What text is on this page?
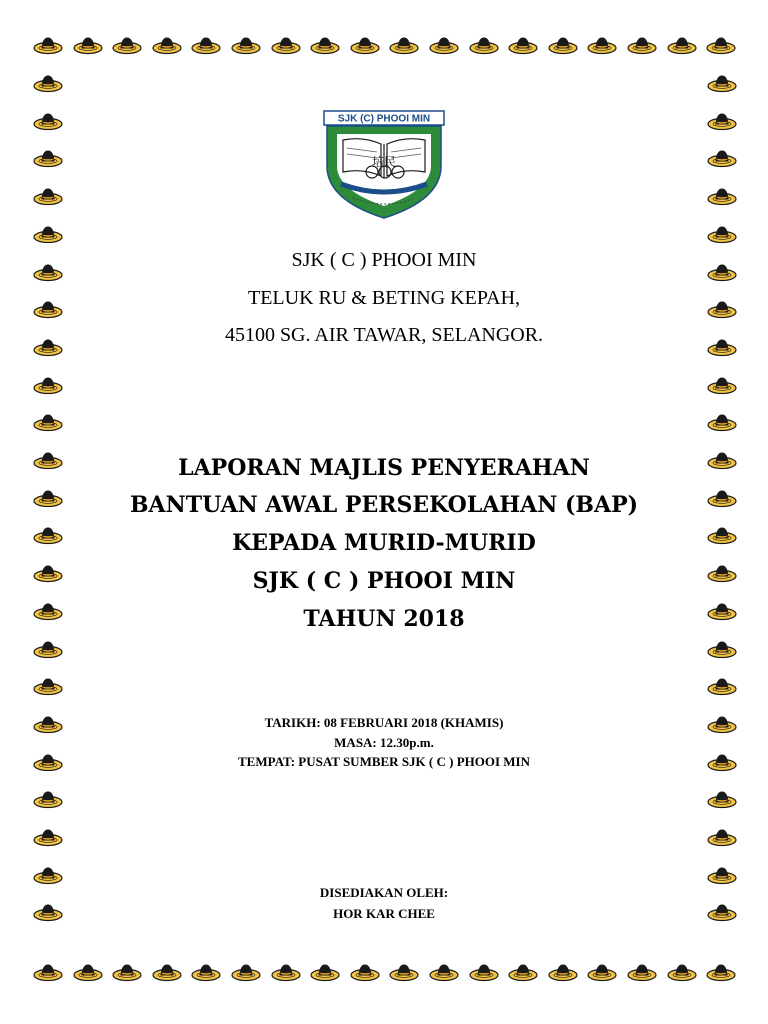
SJK (C) PHOOI MIN
培民
SJK ( C ) PHOOI MIN
TELUK RU & BETING KEPAH,
45100 SG. AIR TAWAR, SELANGOR.
LAPORAN MAJLIS PENYERAHAN
BANTUAN AWAL PERSEKOLAHAN (BAP)
KEPADA MURID-MURID
SJK ( C ) PHOOI MIN
TAHUN 2018
TARIKH: 08 FEBRUARI 2018 (KHAMIS)
MASA: 12.30p.m.
TEMPAT: PUSAT SUMBER SJK ( C ) PHOOI MIN
DISEDIAKAN OLEH:
HOR KAR CHEE
